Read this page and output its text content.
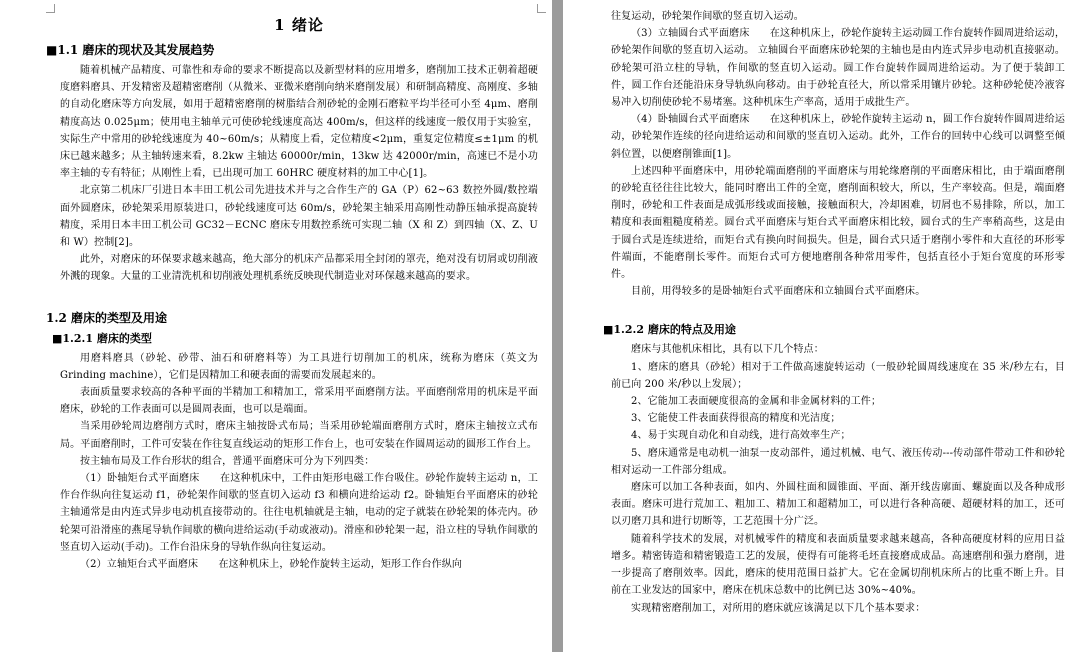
1 绪论

■1.1 磨床的现状及其发展趋势

随着机械产品精度、可靠性和寿命的要求不断提高以及新型材料的应用增多，磨削加工技术正朝着超硬度磨料磨具、开发精密及超精密磨削（从微米、亚微米磨削向纳米磨削发展）和研制高精度、高刚度、多轴的自动化磨床等方向发展，如用于超精密磨削的树脂结合剂砂轮的金刚石磨粒平均半径可小至 4μm、磨削精度高达 0.025μm；使用电主轴单元可使砂轮线速度高达 400m/s，但这样的线速度一般仅用于实验室，实际生产中常用的砂轮线速度为 40~60m/s；从精度上看，定位精度<2μm，重复定位精度≤±1μm 的机床已越来越多；从主轴转速来看，8.2kw 主轴达 60000r/min，13kw 达 42000r/min，高速已不是小功率主轴的专有特征；从刚性上看，已出现可加工 60HRC 硬度材料的加工中心[1]。

北京第二机床厂引进日本丰田工机公司先进技术并与之合作生产的 GA（P）62~63 数控外圆/数控端面外圆磨床，砂轮架采用原装进口，砂轮线速度可达 60m/s，砂轮架主轴采用高刚性动静压轴承提高旋转精度，采用日本丰田工机公司 GC32－ECNC 磨床专用数控系统可实现二轴（X 和 Z）到四轴（X、Z、U 和 W）控制[2]。

此外，对磨床的环保要求越来越高，绝大部分的机床产品都采用全封闭的罩壳，绝对没有切屑或切削液外溅的现象。大量的工业清洗机和切削液处理机系统反映现代制造业对环保越来越高的要求。

1.2 磨床的类型及用途

■1.2.1 磨床的类型

用磨料磨具（砂轮、砂带、油石和研磨料等）为工具进行切削加工的机床，统称为磨床（英文为 Grinding machine），它们是因精加工和硬表面的需要而发展起来的。

表面质量要求较高的各种平面的半精加工和精加工，常采用平面磨削方法。平面磨削常用的机床是平面磨床，砂轮的工作表面可以是圆周表面，也可以是端面。

当采用砂轮周边磨削方式时，磨床主轴按卧式布局；当采用砂轮端面磨削方式时，磨床主轴按立式布局。平面磨削时，工件可安装在作往复直线运动的矩形工作台上，也可安装在作圆周运动的圆形工作台上。

按主轴布局及工作台形状的组合，普通平面磨床可分为下列四类：

（1）卧轴矩台式平面磨床　　在这种机床中，工件由矩形电磁工作台吸住。砂轮作旋转主运动 n，工作台作纵向往复运动 f1，砂轮架作间歇的竖直切入运动 f3 和横向进给运动 f2。卧轴矩台平面磨床的砂轮主轴通常是由内连式异步电动机直接带动的。往往电机轴就是主轴，电动的定子就装在砂轮架的体壳内。砂轮架可沿滑座的燕尾导轨作间歇的横向进给运动(手动或液动)。滑座和砂轮架一起，沿立柱的导轨作间歇的竖直切入运动(手动)。工作台沿床身的导轨作纵向往复运动。

（2）立轴矩台式平面磨床　　在这种机床上，砂轮作旋转主运动，矩形工作台作纵向

往复运动，砂轮架作间歇的竖直切入运动。

（3）立轴圆台式平面磨床　　在这种机床上，砂轮作旋转主运动圆工作台旋转作圆周进给运动，砂轮架作间歇的竖直切入运动。 立轴圆台平面磨床砂轮架的主轴也是由内连式异步电动机直接驱动。砂轮架可沿立柱的导轨，作间歇的竖直切入运动。圆工作台旋转作圆周进给运动。为了便于装卸工件，圆工作台还能沿床身导轨纵向移动。由于砂轮直径大，所以常采用镶片砂轮。这种砂轮使冷液容易冲入切削使砂轮不易堵塞。这种机床生产率高，适用于成批生产。

（4）卧轴圆台式平面磨床　　在这种机床上，砂轮作旋转主运动 n，圆工作台旋转作圆周进给运动，砂轮架作连续的径向进给运动和间歇的竖直切入运动。此外，工作台的回转中心线可以调整至倾斜位置，以便磨削锥面[1]。

上述四种平面磨床中，用砂轮端面磨削的平面磨床与用轮缘磨削的平面磨床相比，由于端面磨削的砂轮直径往往比较大，能同时磨出工件的全宽，磨削面积较大，所以，生产率较高。但是，端面磨削时，砂轮和工件表面是成弧形线或面接触，接触面积大，冷却困难，切屑也不易排除，所以，加工精度和表面粗糙度稍差。圆台式平面磨床与矩台式平面磨床相比较，圆台式的生产率稍高些，这是由于圆台式是连续进给，而矩台式有换向时间损失。但是，圆台式只适于磨削小零件和大直径的环形零件端面，不能磨削长零件。而矩台式可方便地磨削各种常用零件，包括直径小于矩台宽度的环形零件。

目前，用得较多的是卧轴矩台式平面磨床和立轴圆台式平面磨床。

■1.2.2 磨床的特点及用途

磨床与其他机床相比，具有以下几个特点：

1、磨床的磨具（砂轮）相对于工件做高速旋转运动（一般砂轮圆周线速度在 35 米/秒左右，目前已向 200 米/秒以上发展）；

2、它能加工表面硬度很高的金属和非金属材料的工件；

3、它能使工件表面获得很高的精度和光洁度；

4、易于实现自动化和自动线，进行高效率生产；

5、磨床通常是电动机一油泵一皮动部件，通过机械、电气、液压传动---传动部件带动工件和砂轮相对运动一工件部分组成。

磨床可以加工各种表面，如内、外圆柱面和圆锥面、平面、渐开线齿廓面、螺旋面以及各种成形表面。磨床可进行荒加工、粗加工、精加工和超精加工，可以进行各种高硬、超硬材料的加工，还可以刃磨刀具和进行切断等，工艺范围十分广泛。

随着科学技术的发展，对机械零件的精度和表面质量要求越来越高，各种高硬度材料的应用日益增多。精密铸造和精密锻造工艺的发展，使得有可能将毛坯直接磨成成品。高速磨削和强力磨削，进一步提高了磨削效率。因此，磨床的使用范围日益扩大。它在金属切削机床所占的比重不断上升。目前在工业发达的国家中，磨床在机床总数中的比例已达 30%~40%。

实现精密磨削加工，对所用的磨床就应该满足以下几个基本要求：
